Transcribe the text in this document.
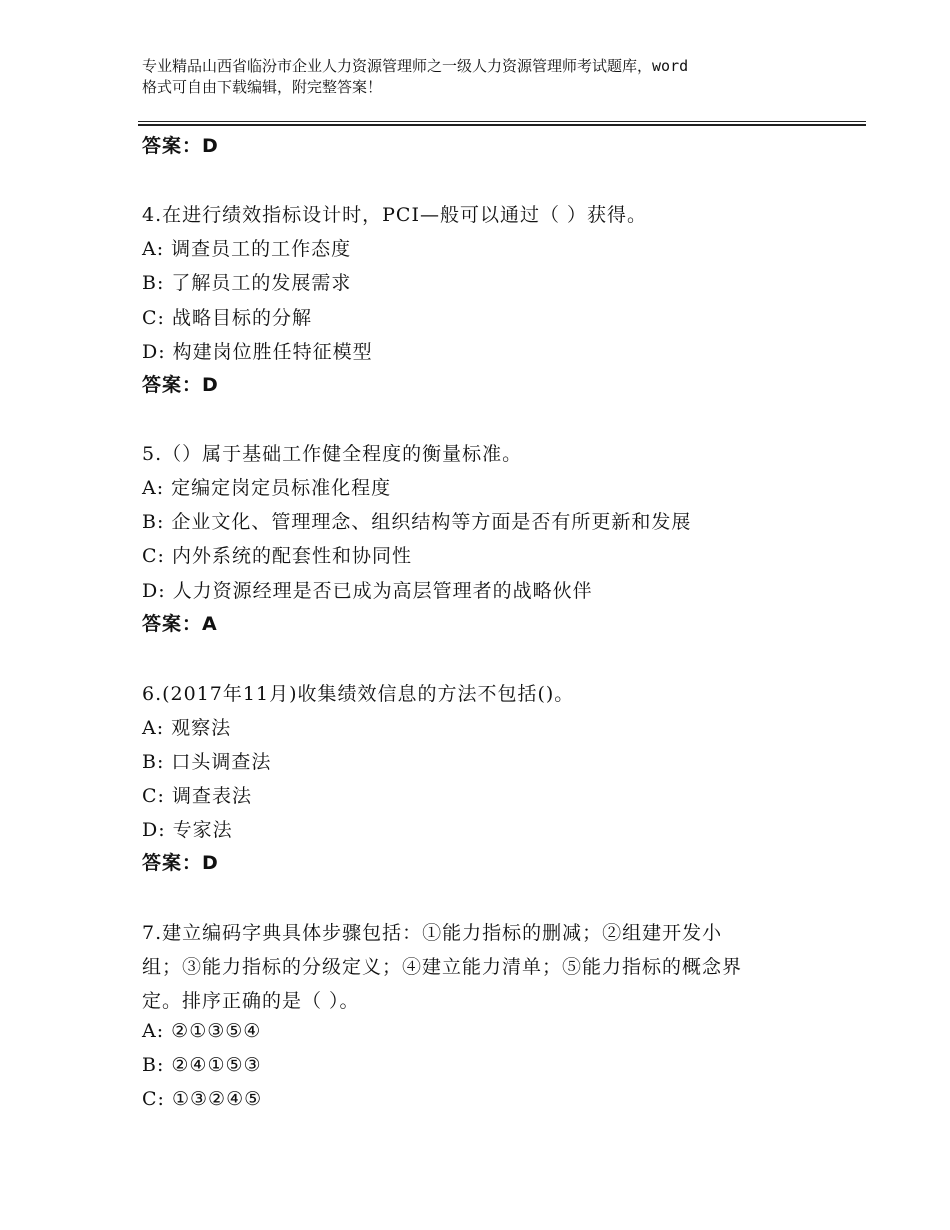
专业精品山西省临汾市企业人力资源管理师之一级人力资源管理师考试题库，word
格式可自由下载编辑，附完整答案！
答案：D
4.在进行绩效指标设计时，PCI—般可以通过（ ）获得。
A: 调查员工的工作态度
B: 了解员工的发展需求
C: 战略目标的分解
D: 构建岗位胜任特征模型
答案：D
5.（）属于基础工作健全程度的衡量标准。
A: 定编定岗定员标准化程度
B: 企业文化、管理理念、组织结构等方面是否有所更新和发展
C: 内外系统的配套性和协同性
D: 人力资源经理是否已成为高层管理者的战略伙伴
答案：A
6.(2017年11月)收集绩效信息的方法不包括()。
A: 观察法
B: 口头调查法
C: 调查表法
D: 专家法
答案：D
7.建立编码字典具体步骤包括：①能力指标的删减；②组建开发小
组；③能力指标的分级定义；④建立能力清单；⑤能力指标的概念界
定。排序正确的是（ ）。
A: ②①③⑤④
B: ②④①⑤③
C: ①③②④⑤
